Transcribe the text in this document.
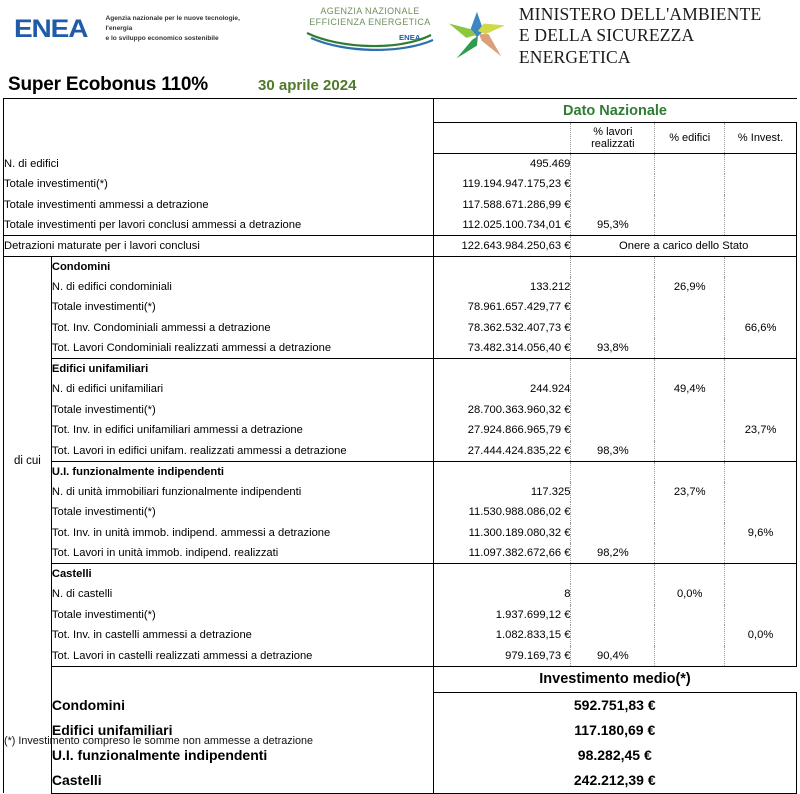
ENEA	Agenzia nazionale per le nuove tecnologie, l'energia
e lo sviluppo economico sostenibile
AGENZIA NAZIONALE
EFFICIENZA ENERGETICA
ENEA
MINISTERO DELL'AMBIENTE
E DELLA SICUREZZA ENERGETICA
Super Ecobonus 110%	30 aprile 2024
		Dato Nazionale			
			% lavori
realizzati	% edifici	% Invest.
N. di edifici		495.469			
Totale investimenti(*)		119.194.947.175,23 €			
Totale investimenti ammessi a detrazione		117.588.671.286,99 €			
Totale investimenti per lavori conclusi ammessi a detrazione		112.025.100.734,01 €	95,3%		
Detrazioni maturate per i lavori conclusi		122.643.984.250,63 €	Onere a carico dello Stato		

di cui	Condomini				
	N. di edifici condominiali	133.212		26,9%	
	Totale investimenti(*)	78.961.657.429,77 €			
	Tot. Inv. Condominiali ammessi a detrazione	78.362.532.407,73 €			66,6%
	Tot. Lavori Condominiali realizzati ammessi a detrazione	73.482.314.056,40 €	93,8%		
	Edifici unifamiliari				
	N. di edifici unifamiliari	244.924		49,4%	
	Totale investimenti(*)	28.700.363.960,32 €			
	Tot. Inv. in edifici unifamiliari ammessi a detrazione	27.924.866.965,79 €			23,7%
	Tot. Lavori in edifici unifam. realizzati ammessi a detrazione	27.444.424.835,22 €	98,3%		
	U.I. funzionalmente indipendenti				
	N. di unità immobiliari funzionalmente indipendenti	117.325		23,7%	
	Totale investimenti(*)	11.530.988.086,02 €			
	Tot. Inv. in unità immob. indipend. ammessi a detrazione	11.300.189.080,32 €			9,6%
	Tot. Lavori in unità immob. indipend. realizzati	11.097.382.672,66 €	98,2%		
	Castelli				
	N. di castelli	8		0,0%	
	Totale investimenti(*)	1.937.699,12 €			
	Tot. Inv. in castelli ammessi a detrazione	1.082.833,15 €			0,0%
	Tot. Lavori in castelli realizzati ammessi a detrazione	979.169,73 €	90,4%		
		Investimento medio(*)			
	Condomini	592.751,83 €			
	Edifici unifamiliari	117.180,69 €			
	U.I. funzionalmente indipendenti	98.282,45 €			
	Castelli	242.212,39 €			
(*) Investimento compreso le somme non ammesse a detrazione
